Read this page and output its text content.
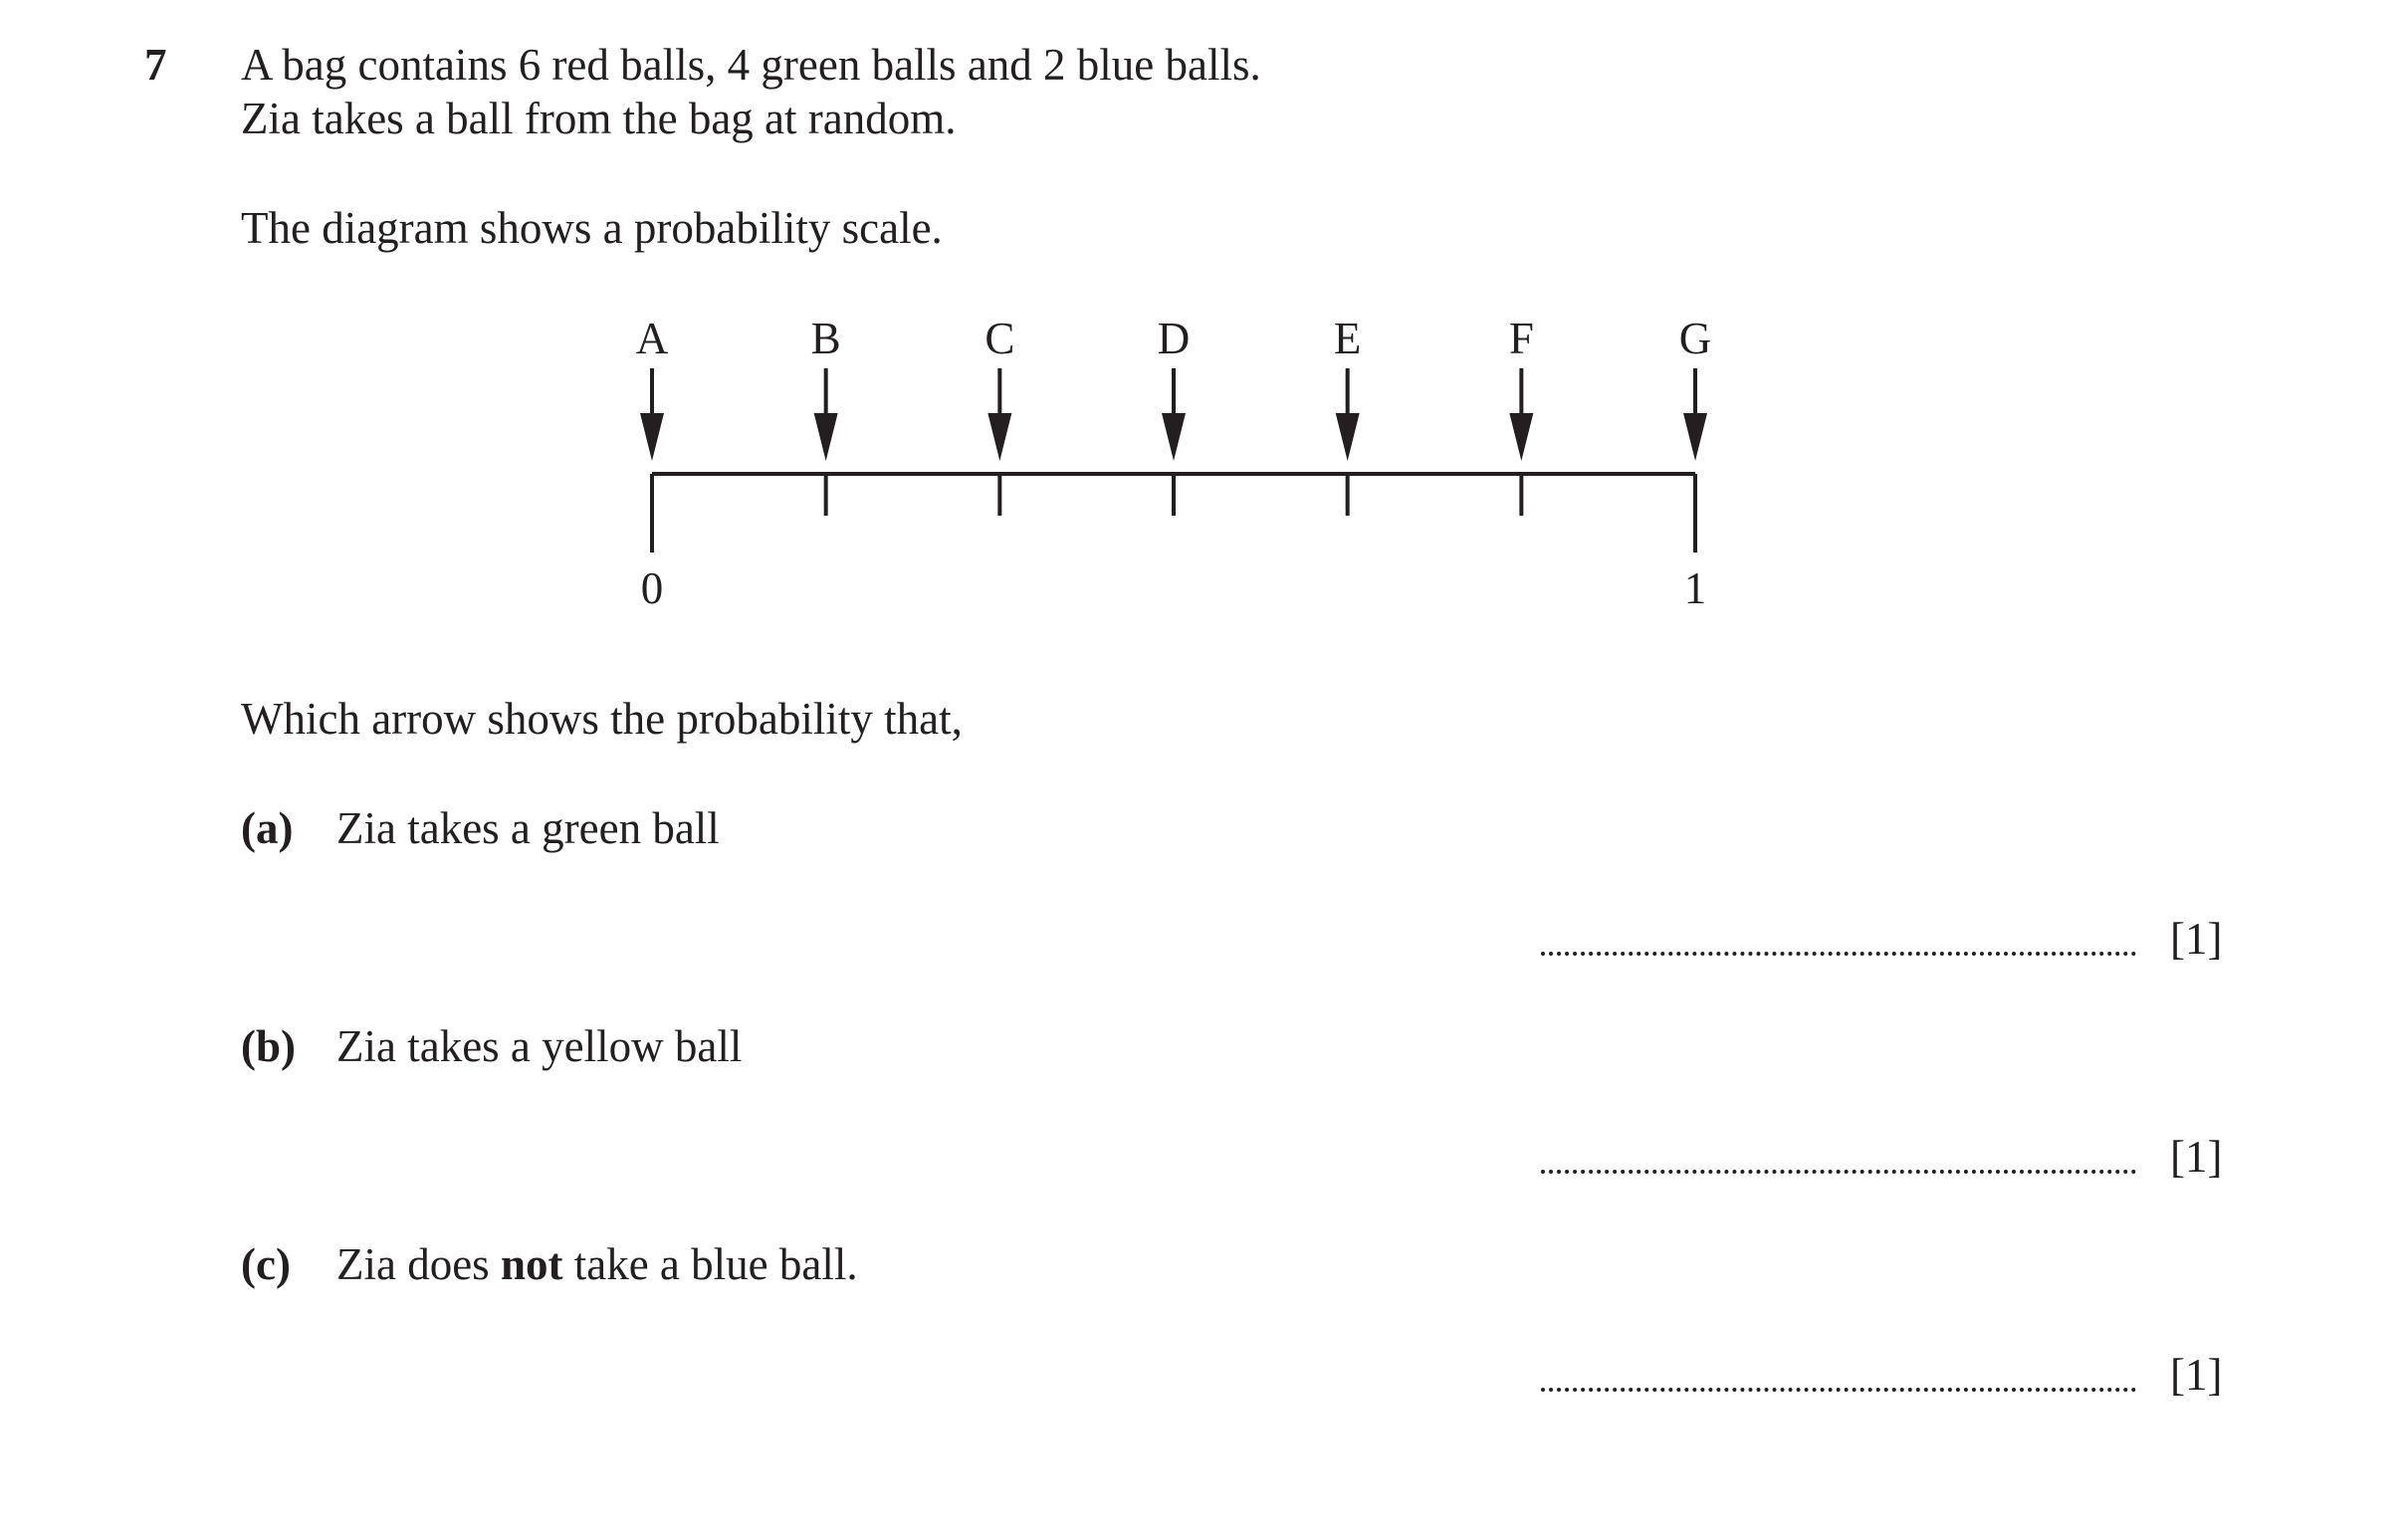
7 A bag contains 6 red balls, 4 green balls and 2 blue balls.
Zia takes a ball from the bag at random.
The diagram shows a probability scale.
A	B	C	D	E	F	G
0	1
Which arrow shows the probability that,
(a) Zia takes a green ball
[1]
(b) Zia takes a yellow ball
[1]
(c) Zia does not take a blue ball.
[1]
